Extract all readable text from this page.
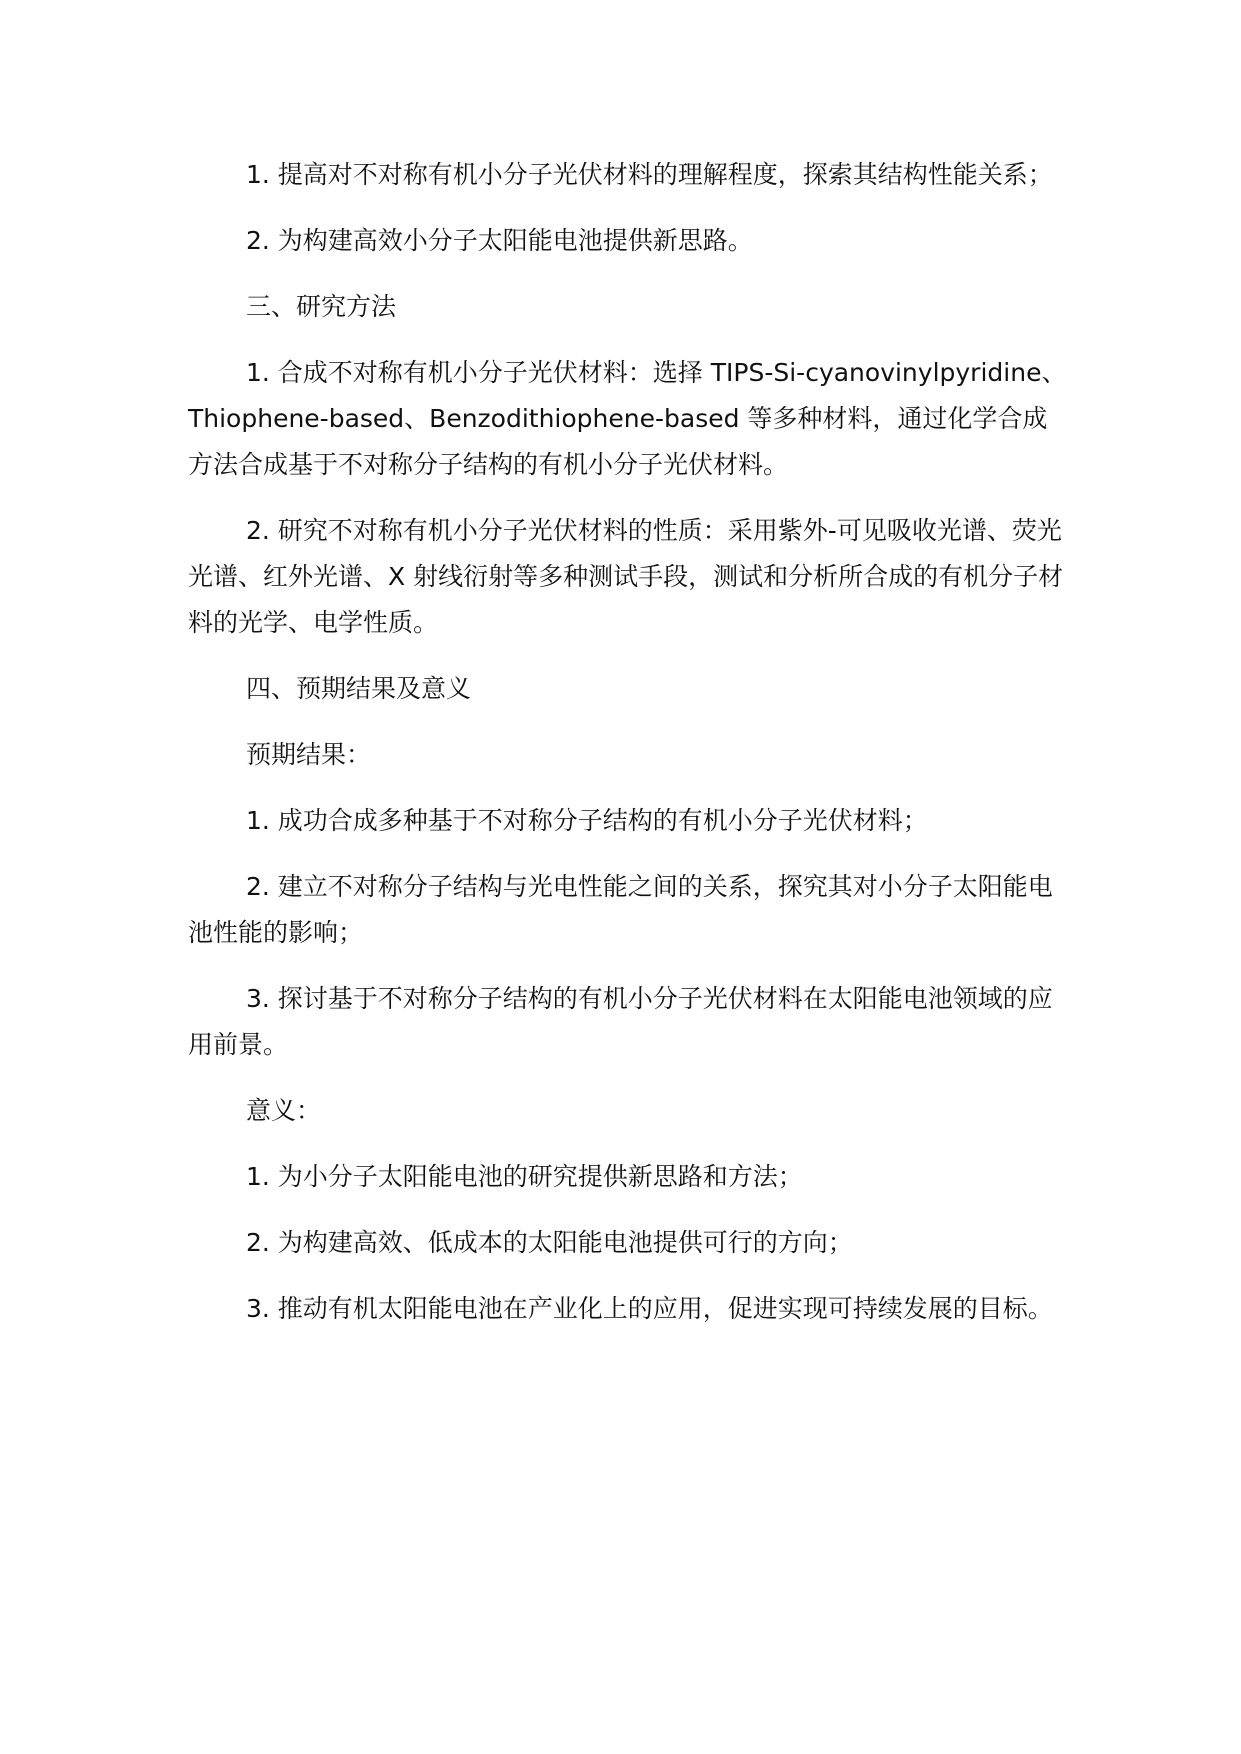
1. 提高对不对称有机小分子光伏材料的理解程度，探索其结构性能关系；

2. 为构建高效小分子太阳能电池提供新思路。

三、研究方法

1. 合成不对称有机小分子光伏材料：选择 TIPS-Si-cyanovinylpyridine、Thiophene-based、Benzodithiophene-based 等多种材料，通过化学合成方法合成基于不对称分子结构的有机小分子光伏材料。

2. 研究不对称有机小分子光伏材料的性质：采用紫外-可见吸收光谱、荧光光谱、红外光谱、X 射线衍射等多种测试手段，测试和分析所合成的有机分子材料的光学、电学性质。

四、预期结果及意义

预期结果：

1. 成功合成多种基于不对称分子结构的有机小分子光伏材料；

2. 建立不对称分子结构与光电性能之间的关系，探究其对小分子太阳能电池性能的影响；

3. 探讨基于不对称分子结构的有机小分子光伏材料在太阳能电池领域的应用前景。

意义：

1. 为小分子太阳能电池的研究提供新思路和方法；

2. 为构建高效、低成本的太阳能电池提供可行的方向；

3. 推动有机太阳能电池在产业化上的应用，促进实现可持续发展的目标。
